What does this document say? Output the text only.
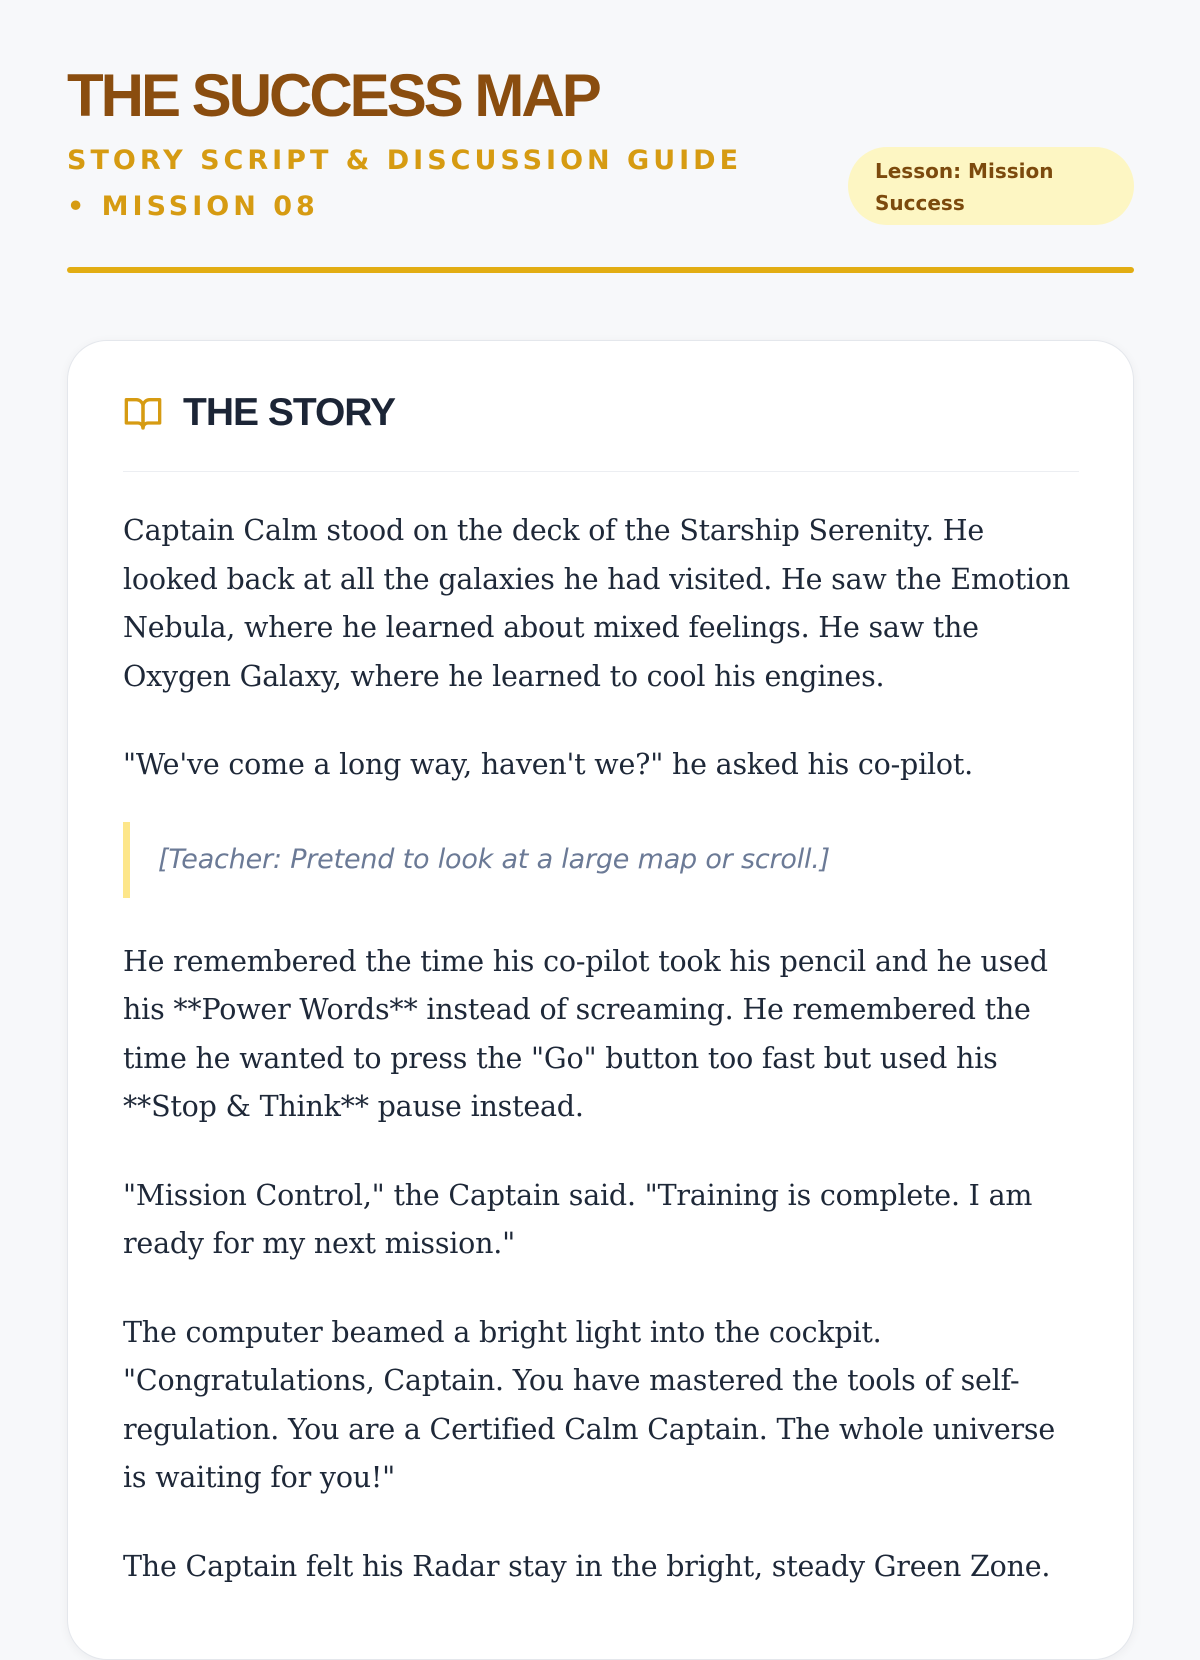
THE SUCCESS MAP
STORY SCRIPT & DISCUSSION GUIDE • MISSION 08
Lesson: Mission Success
THE STORY

Captain Calm stood on the deck of the Starship Serenity. He looked back at all the galaxies he had visited. He saw the Emotion Nebula, where he learned about mixed feelings. He saw the Oxygen Galaxy, where he learned to cool his engines.

"We've come a long way, haven't we?" he asked his co-pilot.

[Teacher: Pretend to look at a large map or scroll.]

He remembered the time his co-pilot took his pencil and he used his **Power Words** instead of screaming. He remembered the time he wanted to press the "Go" button too fast but used his **Stop & Think** pause instead.

"Mission Control," the Captain said. "Training is complete. I am ready for my next mission."

The computer beamed a bright light into the cockpit. "Congratulations, Captain. You have mastered the tools of self-regulation. You are a Certified Calm Captain. The whole universe is waiting for you!"

The Captain felt his Radar stay in the bright, steady Green Zone.
